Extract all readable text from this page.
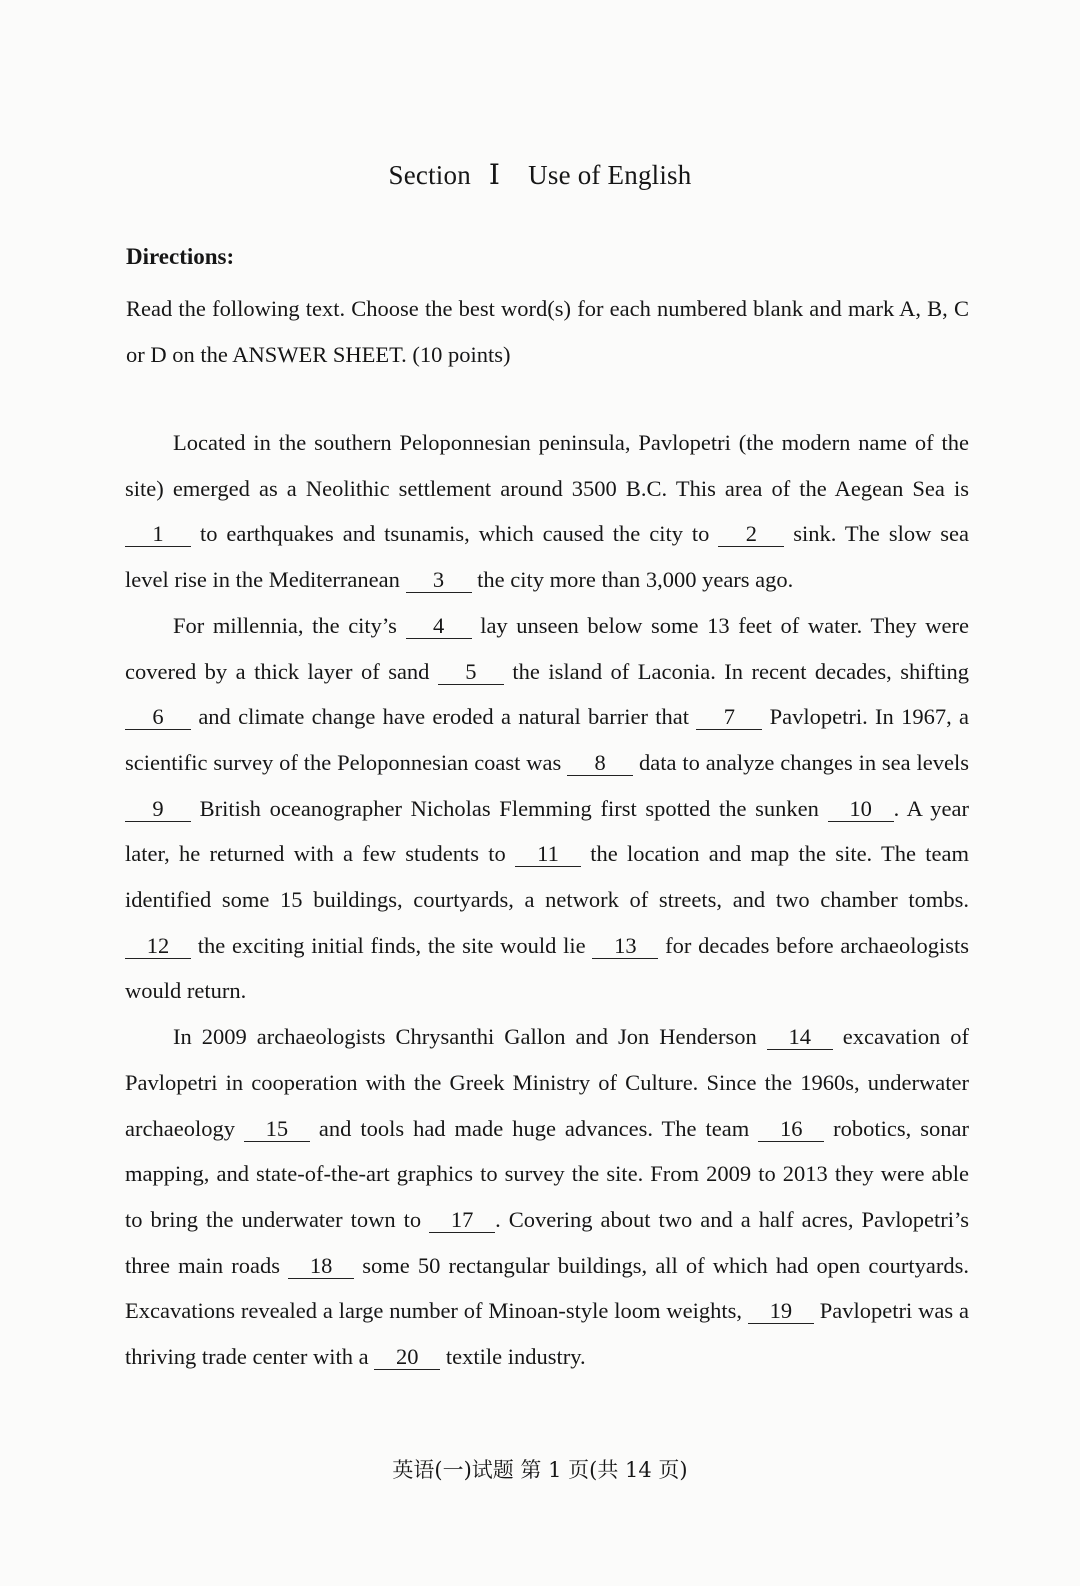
Section Ⅰ Use of English
Directions:
Read the following text. Choose the best word(s) for each numbered blank and mark A, B, C or D on the ANSWER SHEET. (10 points)

Located in the southern Peloponnesian peninsula, Pavlopetri (the modern name of the site) emerged as a Neolithic settlement around 3500 B.C. This area of the Aegean Sea is 1 to earthquakes and tsunamis, which caused the city to 2 sink. The slow sea level rise in the Mediterranean 3 the city more than 3,000 years ago.

For millennia, the city’s 4 lay unseen below some 13 feet of water. They were covered by a thick layer of sand 5 the island of Laconia. In recent decades, shifting 6 and climate change have eroded a natural barrier that 7 Pavlopetri. In 1967, a scientific survey of the Peloponnesian coast was 8 data to analyze changes in sea levels 9 British oceanographer Nicholas Flemming first spotted the sunken 10 . A year later, he returned with a few students to 11 the location and map the site. The team identified some 15 buildings, courtyards, a network of streets, and two chamber tombs. 12 the exciting initial finds, the site would lie 13 for decades before archaeologists would return.

In 2009 archaeologists Chrysanthi Gallon and Jon Henderson 14 excavation of Pavlopetri in cooperation with the Greek Ministry of Culture. Since the 1960s, underwater archaeology 15 and tools had made huge advances. The team 16 robotics, sonar mapping, and state-of-the-art graphics to survey the site. From 2009 to 2013 they were able to bring the underwater town to 17 . Covering about two and a half acres, Pavlopetri’s three main roads 18 some 50 rectangular buildings, all of which had open courtyards. Excavations revealed a large number of Minoan-style loom weights, 19 Pavlopetri was a thriving trade center with a 20 textile industry.

英语(一)试题 第 1 页(共 14 页)
